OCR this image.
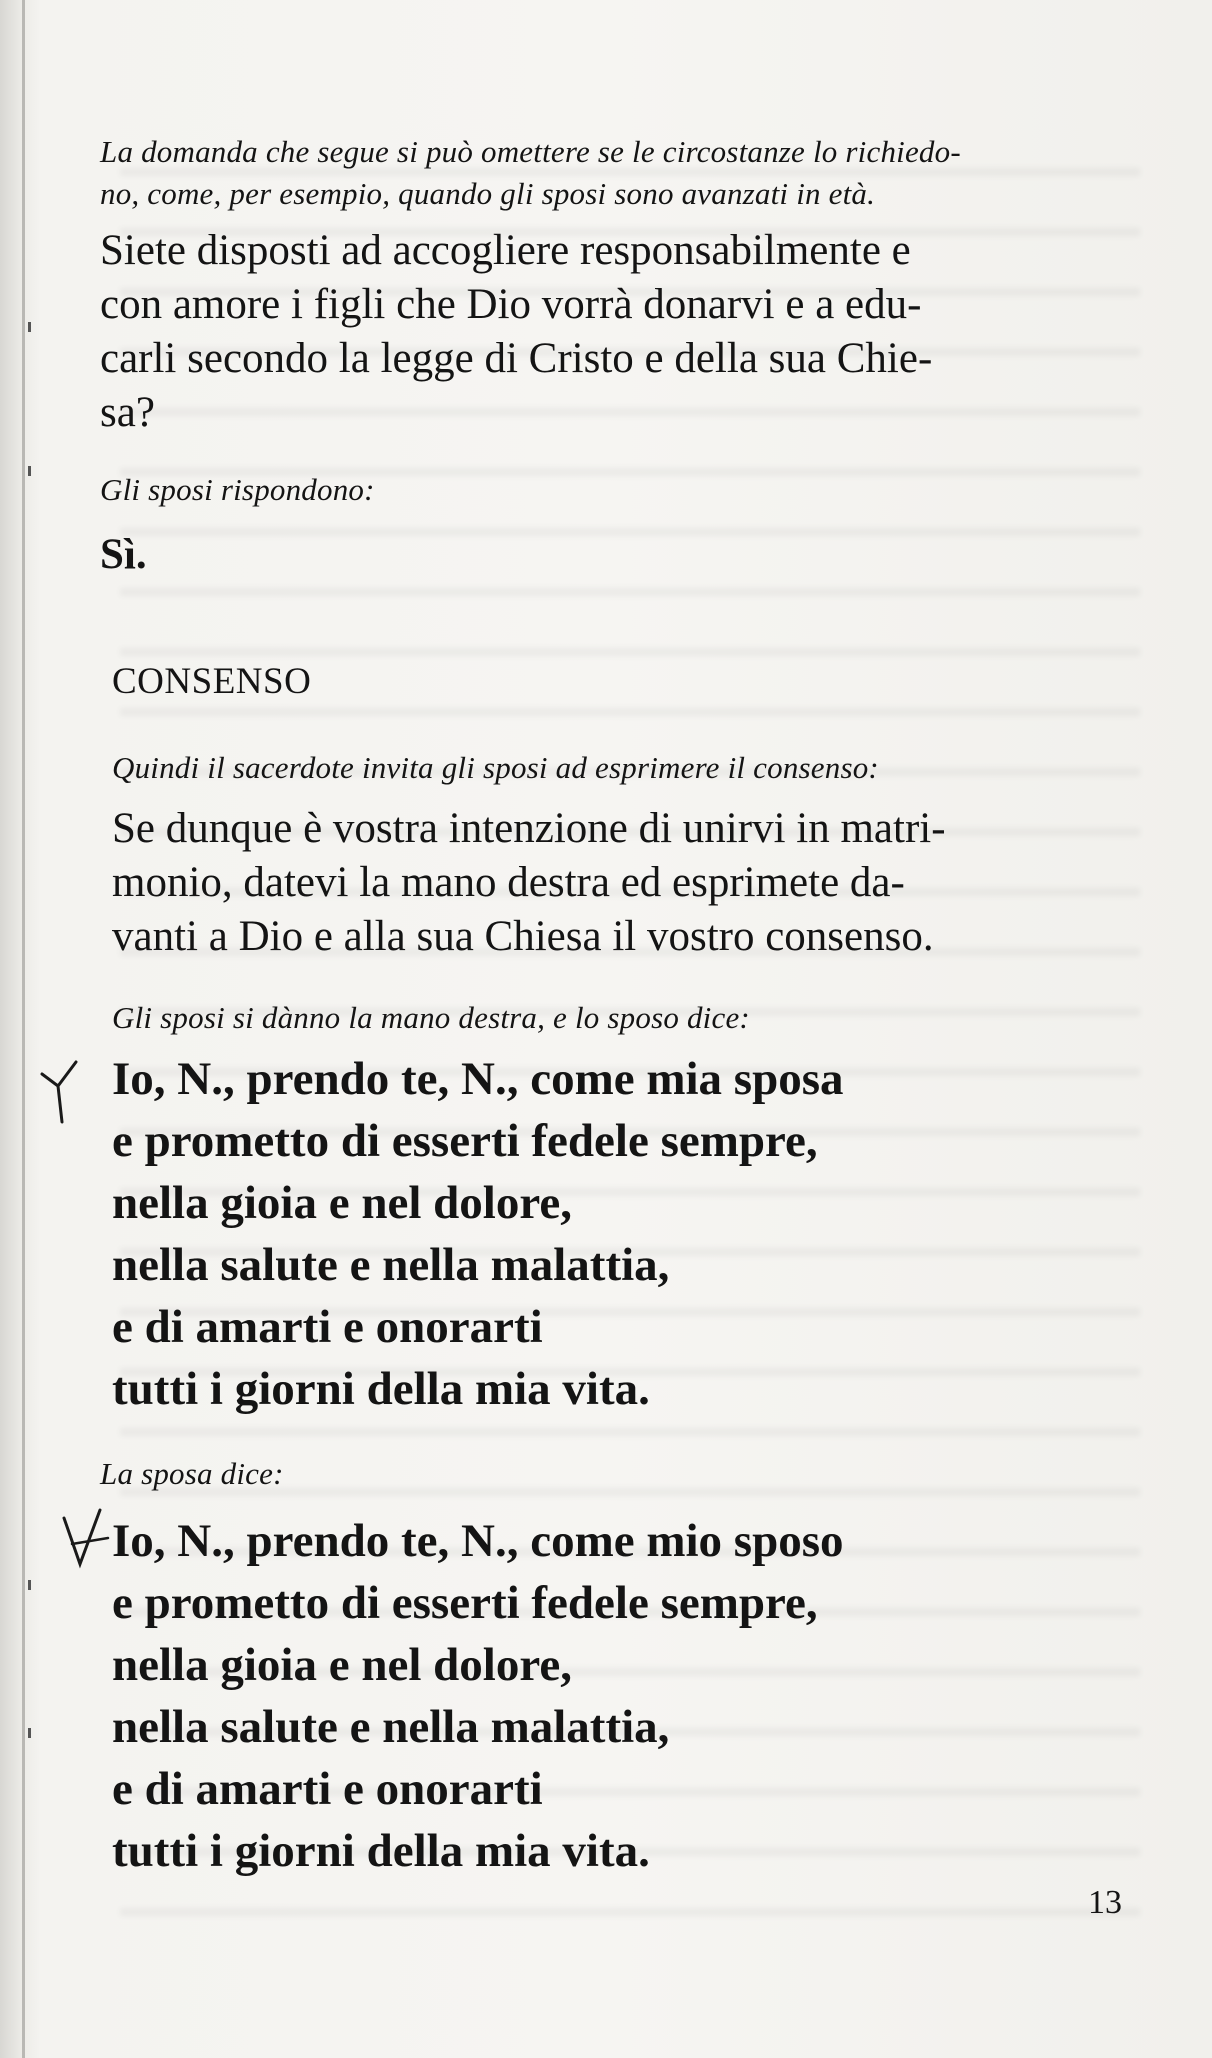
La domanda che segue si può omettere se le circostanze lo richiedo-
no, come, per esempio, quando gli sposi sono avanzati in età.
Siete disposti ad accogliere responsabilmente e
con amore i figli che Dio vorrà donarvi e a edu-
carli secondo la legge di Cristo e della sua Chie-
sa?
Gli sposi rispondono:
Sì.
CONSENSO
Quindi il sacerdote invita gli sposi ad esprimere il consenso:
Se dunque è vostra intenzione di unirvi in matri-
monio, datevi la mano destra ed esprimete da-
vanti a Dio e alla sua Chiesa il vostro consenso.
Gli sposi si dànno la mano destra, e lo sposo dice:
Io, N., prendo te, N., come mia sposa
e prometto di esserti fedele sempre,
nella gioia e nel dolore,
nella salute e nella malattia,
e di amarti e onorarti
tutti i giorni della mia vita.
La sposa dice:
Io, N., prendo te, N., come mio sposo
e prometto di esserti fedele sempre,
nella gioia e nel dolore,
nella salute e nella malattia,
e di amarti e onorarti
tutti i giorni della mia vita.
13
